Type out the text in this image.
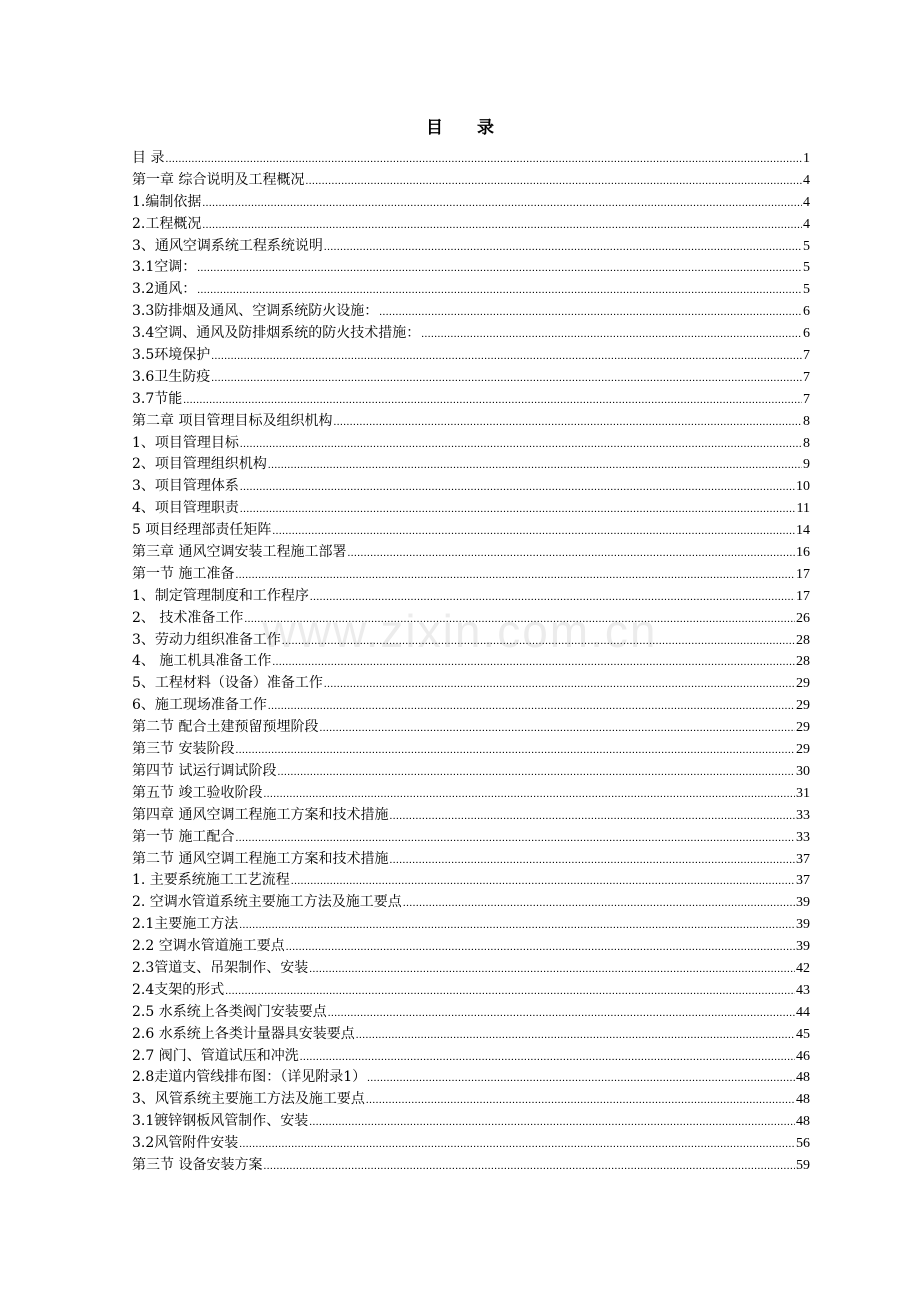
目 录
目 录 .....	1
第一章 综合说明及工程概况 .....	4
1.编制依据 .....	4
2.工程概况 .....	4
3、通风空调系统工程系统说明 .....	5
3.1空调： .....	5
3.2通风： .....	5
3.3防排烟及通风、空调系统防火设施： .....	6
3.4空调、通风及防排烟系统的防火技术措施： .....	6
3.5环境保护 .....	7
3.6卫生防疫 .....	7
3.7节能 .....	7
第二章 项目管理目标及组织机构 .....	8
1、项目管理目标 .....	8
2、项目管理组织机构 .....	9
3、项目管理体系 .....	10
4、项目管理职责 .....	11
5 项目经理部责任矩阵 .....	14
第三章 通风空调安装工程施工部署 .....	16
第一节 施工准备 .....	17
1、制定管理制度和工作程序 .....	17
2、 技术准备工作 .....	26
3、劳动力组织准备工作 .....	28
4、 施工机具准备工作 .....	28
5、工程材料（设备）准备工作 .....	29
6、施工现场准备工作 .....	29
第二节 配合土建预留预埋阶段 .....	29
第三节 安装阶段 .....	29
第四节 试运行调试阶段 .....	30
第五节 竣工验收阶段 .....	31
第四章 通风空调工程施工方案和技术措施 .....	33
第一节 施工配合 .....	33
第二节 通风空调工程施工方案和技术措施 .....	37
1. 主要系统施工工艺流程 .....	37
2. 空调水管道系统主要施工方法及施工要点 .....	39
2.1主要施工方法 .....	39
2.2 空调水管道施工要点 .....	39
2.3管道支、吊架制作、安装 .....	42
2.4支架的形式 .....	43
2.5 水系统上各类阀门安装要点 .....	44
2.6 水系统上各类计量器具安装要点 .....	45
2.7 阀门、管道试压和冲洗 .....	46
2.8走道内管线排布图：（详见附录1） .....	48
3、风管系统主要施工方法及施工要点 .....	48
3.1镀锌钢板风管制作、安装 .....	48
3.2风管附件安装 .....	56
第三节 设备安装方案 .....	59
www.zixin.com.cn
